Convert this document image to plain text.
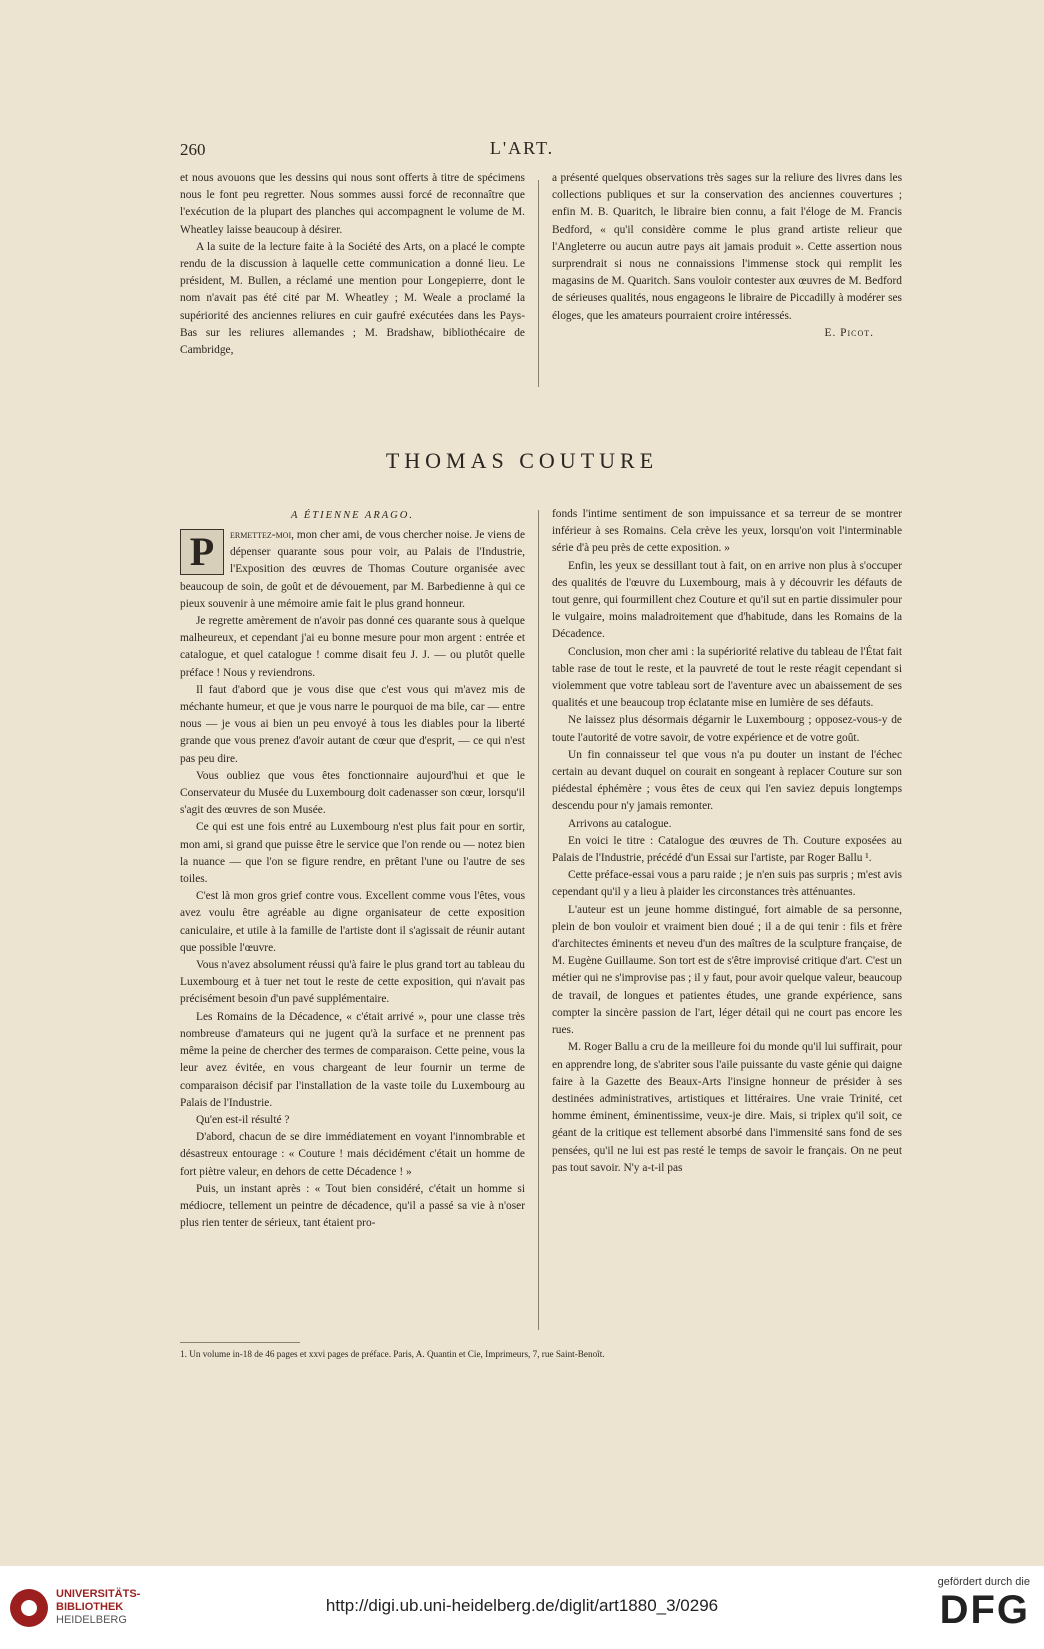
260	L'ART.

et nous avouons que les dessins qui nous sont offerts à titre de spécimens nous le font peu regretter. Nous sommes aussi forcé de reconnaître que l'exécution de la plupart des planches qui accompagnent le volume de M. Wheatley laisse beaucoup à désirer.

A la suite de la lecture faite à la Société des Arts, on a placé le compte rendu de la discussion à laquelle cette communication a donné lieu. Le président, M. Bullen, a réclamé une mention pour Longepierre, dont le nom n'avait pas été cité par M. Wheatley ; M. Weale a proclamé la supériorité des anciennes reliures en cuir gaufré exécutées dans les Pays-Bas sur les reliures allemandes ; M. Bradshaw, bibliothécaire de Cambridge,

a présenté quelques observations très sages sur la reliure des livres dans les collections publiques et sur la conservation des anciennes couvertures ; enfin M. B. Quaritch, le libraire bien connu, a fait l'éloge de M. Francis Bedford, « qu'il considère comme le plus grand artiste relieur que l'Angleterre ou aucun autre pays ait jamais produit ». Cette assertion nous surprendrait si nous ne connaissions l'immense stock qui remplit les magasins de M. Quaritch. Sans vouloir contester aux œuvres de M. Bedford de sérieuses qualités, nous engageons le libraire de Piccadilly à modérer ses éloges, que les amateurs pourraient croire intéressés.

E. Picot.

THOMAS COUTURE
A ÉTIENNE ARAGO.

P	ermettez-moi, mon cher ami, de vous chercher noise. Je viens de dépenser quarante sous pour voir, au Palais de l'Industrie, l'Exposition des œuvres de Thomas Couture organisée avec beaucoup de soin, de goût et de dévouement, par M. Barbedienne à qui ce pieux souvenir à une mémoire amie fait le plus grand honneur.

Je regrette amèrement de n'avoir pas donné ces quarante sous à quelque malheureux, et cependant j'ai eu bonne mesure pour mon argent : entrée et catalogue, et quel catalogue ! comme disait feu J. J. — ou plutôt quelle préface ! Nous y reviendrons.

Il faut d'abord que je vous dise que c'est vous qui m'avez mis de méchante humeur, et que je vous narre le pourquoi de ma bile, car — entre nous — je vous ai bien un peu envoyé à tous les diables pour la liberté grande que vous prenez d'avoir autant de cœur que d'esprit, — ce qui n'est pas peu dire.

Vous oubliez que vous êtes fonctionnaire aujourd'hui et que le Conservateur du Musée du Luxembourg doit cadenasser son cœur, lorsqu'il s'agit des œuvres de son Musée.

Ce qui est une fois entré au Luxembourg n'est plus fait pour en sortir, mon ami, si grand que puisse être le service que l'on rende ou — notez bien la nuance — que l'on se figure rendre, en prêtant l'une ou l'autre de ses toiles.

C'est là mon gros grief contre vous. Excellent comme vous l'êtes, vous avez voulu être agréable au digne organisateur de cette exposition caniculaire, et utile à la famille de l'artiste dont il s'agissait de réunir autant que possible l'œuvre.

Vous n'avez absolument réussi qu'à faire le plus grand tort au tableau du Luxembourg et à tuer net tout le reste de cette exposition, qui n'avait pas précisément besoin d'un pavé supplémentaire.

Les Romains de la Décadence, « c'était arrivé », pour une classe très nombreuse d'amateurs qui ne jugent qu'à la surface et ne prennent pas même la peine de chercher des termes de comparaison. Cette peine, vous la leur avez évitée, en vous chargeant de leur fournir un terme de comparaison décisif par l'installation de la vaste toile du Luxembourg au Palais de l'Industrie.

Qu'en est-il résulté ?

D'abord, chacun de se dire immédiatement en voyant l'innombrable et désastreux entourage : « Couture ! mais décidément c'était un homme de fort piètre valeur, en dehors de cette Décadence ! »

Puis, un instant après : « Tout bien considéré, c'était un homme si médiocre, tellement un peintre de décadence, qu'il a passé sa vie à n'oser plus rien tenter de sérieux, tant étaient pro-

fonds l'intime sentiment de son impuissance et sa terreur de se montrer inférieur à ses Romains. Cela crève les yeux, lorsqu'on voit l'interminable série d'à peu près de cette exposition. »

Enfin, les yeux se dessillant tout à fait, on en arrive non plus à s'occuper des qualités de l'œuvre du Luxembourg, mais à y découvrir les défauts de tout genre, qui fourmillent chez Couture et qu'il sut en partie dissimuler pour le vulgaire, moins maladroitement que d'habitude, dans les Romains de la Décadence.

Conclusion, mon cher ami : la supériorité relative du tableau de l'État fait table rase de tout le reste, et la pauvreté de tout le reste réagit cependant si violemment que votre tableau sort de l'aventure avec un abaissement de ses qualités et une beaucoup trop éclatante mise en lumière de ses défauts.

Ne laissez plus désormais dégarnir le Luxembourg ; opposez-vous-y de toute l'autorité de votre savoir, de votre expérience et de votre goût.

Un fin connaisseur tel que vous n'a pu douter un instant de l'échec certain au devant duquel on courait en songeant à replacer Couture sur son piédestal éphémère ; vous êtes de ceux qui l'en saviez depuis longtemps descendu pour n'y jamais remonter.

Arrivons au catalogue.

En voici le titre : Catalogue des œuvres de Th. Couture exposées au Palais de l'Industrie, précédé d'un Essai sur l'artiste, par Roger Ballu ¹.

Cette préface-essai vous a paru raide ; je n'en suis pas surpris ; m'est avis cependant qu'il y a lieu à plaider les circonstances très atténuantes.

L'auteur est un jeune homme distingué, fort aimable de sa personne, plein de bon vouloir et vraiment bien doué ; il a de qui tenir : fils et frère d'architectes éminents et neveu d'un des maîtres de la sculpture française, de M. Eugène Guillaume. Son tort est de s'être improvisé critique d'art. C'est un métier qui ne s'improvise pas ; il y faut, pour avoir quelque valeur, beaucoup de travail, de longues et patientes études, une grande expérience, sans compter la sincère passion de l'art, léger détail qui ne court pas encore les rues.

M. Roger Ballu a cru de la meilleure foi du monde qu'il lui suffirait, pour en apprendre long, de s'abriter sous l'aile puissante du vaste génie qui daigne faire à la Gazette des Beaux-Arts l'insigne honneur de présider à ses destinées administratives, artistiques et littéraires. Une vraie Trinité, cet homme éminent, éminentissime, veux-je dire. Mais, si triplex qu'il soit, ce géant de la critique est tellement absorbé dans l'immensité sans fond de ses pensées, qu'il ne lui est pas resté le temps de savoir le français. On ne peut pas tout savoir. N'y a-t-il pas

1. Un volume in-18 de 46 pages et xxvi pages de préface. Paris, A. Quantin et Cie, Imprimeurs, 7, rue Saint-Benoît.
UNIVERSITÄTS-
BIBLIOTHEK
HEIDELBERG
http://digi.ub.uni-heidelberg.de/diglit/art1880_3/0296
gefördert durch die
DFG
